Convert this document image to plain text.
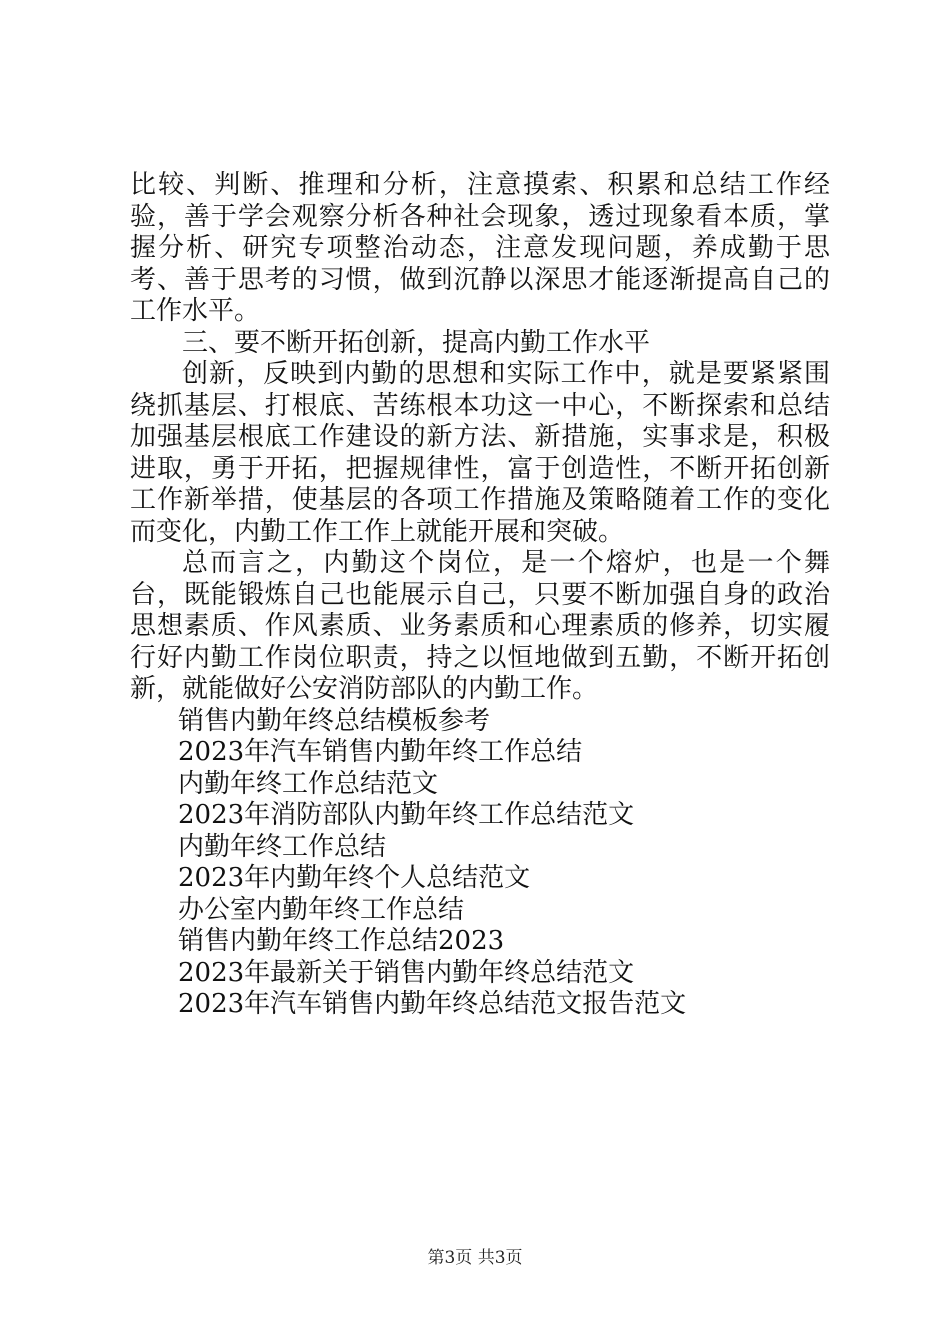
比较、判断、推理和分析，注意摸索、积累和总结工作经验，善于学会观察分析各种社会现象，透过现象看本质，掌握分析、研究专项整治动态，注意发现问题，养成勤于思考、善于思考的习惯，做到沉静以深思才能逐渐提高自己的工作水平。

三、要不断开拓创新，提高内勤工作水平

创新，反映到内勤的思想和实际工作中，就是要紧紧围绕抓基层、打根底、苦练根本功这一中心，不断探索和总结加强基层根底工作建设的新方法、新措施，实事求是，积极进取，勇于开拓，把握规律性，富于创造性，不断开拓创新工作新举措，使基层的各项工作措施及策略随着工作的变化而变化，内勤工作工作上就能开展和突破。

总而言之，内勤这个岗位，是一个熔炉，也是一个舞台，既能锻炼自己也能展示自己，只要不断加强自身的政治思想素质、作风素质、业务素质和心理素质的修养，切实履行好内勤工作岗位职责，持之以恒地做到五勤，不断开拓创新，就能做好公安消防部队的内勤工作。

销售内勤年终总结模板参考
2023年汽车销售内勤年终工作总结
内勤年终工作总结范文
2023年消防部队内勤年终工作总结范文
内勤年终工作总结
2023年内勤年终个人总结范文
办公室内勤年终工作总结
销售内勤年终工作总结2023
2023年最新关于销售内勤年终总结范文
2023年汽车销售内勤年终总结范文报告范文
第3页 共3页
